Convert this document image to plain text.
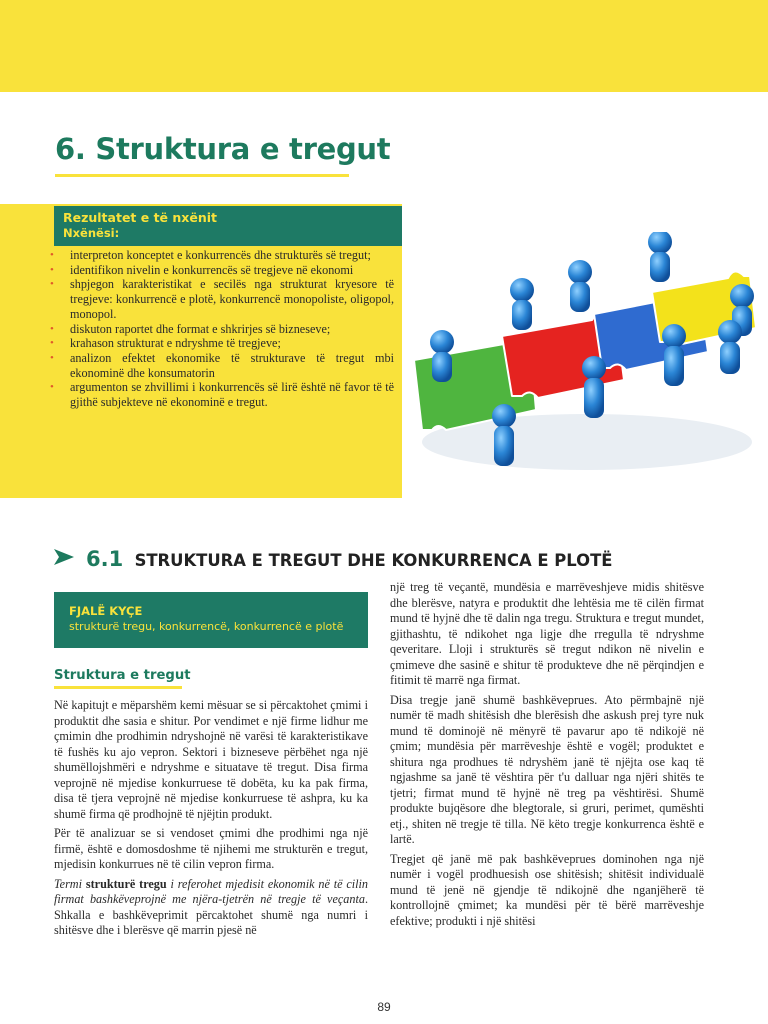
6. Struktura e tregut
Rezultatet e të nxënit
Nxënësi:
• interpreton konceptet e konkurrencës dhe strukturës së tregut;
• identifikon nivelin e konkurrencës së tregjeve në ekonomi
• shpjegon karakteristikat e secilës nga strukturat kryesore të tregjeve: konkurrencë e plotë, konkurrencë monopoliste, oligopol, monopol.
• diskuton raportet dhe format e shkrirjes së bizneseve;
• krahason strukturat e ndryshme të tregjeve;
• analizon efektet ekonomike të strukturave të tregut mbi ekonominë dhe konsumatorin
• argumenton se zhvillimi i konkurrencës së lirë është në favor të të gjithë subjekteve në ekonominë e tregut.
6.1 STRUKTURA E TREGUT DHE KONKURRENCA E PLOTË
FJALË KYÇE
strukturë tregu, konkurrencë, konkurrencë e plotë
Struktura e tregut

Në kapitujt e mëparshëm kemi mësuar se si përcaktohet çmimi i produktit dhe sasia e shitur. Por vendimet e një firme lidhur me çmimin dhe prodhimin ndryshojnë në varësi të karakteristikave të fushës ku ajo vepron. Sektori i bizneseve përbëhet nga një shumëllojshmëri e ndryshme e situatave të tregut. Disa firma veprojnë në mjedise konkurruese të dobëta, ku ka pak firma, disa të tjera veprojnë në mjedise konkurruese të ashpra, ku ka shumë firma që prodhojnë të njëjtin produkt.

Për të analizuar se si vendoset çmimi dhe prodhimi nga një firmë, është e domosdoshme të njihemi me strukturën e tregut, mjedisin konkurrues në të cilin vepron firma.

Termi strukturë tregu i referohet mjedisit ekonomik në të cilin firmat bashkëveprojnë me njëra-tjetrën në tregje të veçanta. Shkalla e bashkëveprimit përcaktohet shumë nga numri i shitësve dhe i blerësve që marrin pjesë në

një treg të veçantë, mundësia e marrëveshjeve midis shitësve dhe blerësve, natyra e produktit dhe lehtësia me të cilën firmat mund të hyjnë dhe të dalin nga tregu. Struktura e tregut mundet, gjithashtu, të ndikohet nga ligje dhe rregulla të ndryshme qeveritare. Lloji i strukturës së tregut ndikon në nivelin e çmimeve dhe sasinë e shitur të produkteve dhe në përqindjen e fitimit të marrë nga firmat.

Disa tregje janë shumë bashkëveprues. Ato përmbajnë një numër të madh shitësish dhe blerësish dhe askush prej tyre nuk mund të dominojë në mënyrë të pavarur apo të ndikojë në çmim; mundësia për marrëveshje është e vogël; produktet e shitura nga prodhues të ndryshëm janë të njëjta ose kaq të ngjashme sa janë të vështira për t'u dalluar nga njëri shitës te tjetri; firmat mund të hyjnë në treg pa vështirësi. Shumë produkte bujqësore dhe blegtorale, si gruri, perimet, qumështi etj., shiten në tregje të tilla. Në këto tregje konkurrenca është e lartë.

Tregjet që janë më pak bashkëveprues dominohen nga një numër i vogël prodhuesish ose shitësish; shitësit individualë mund të jenë në gjendje të ndikojnë dhe nganjëherë të kontrollojnë çmimet; ka mundësi për të bërë marrëveshje efektive; produkti i një shitësi

89
